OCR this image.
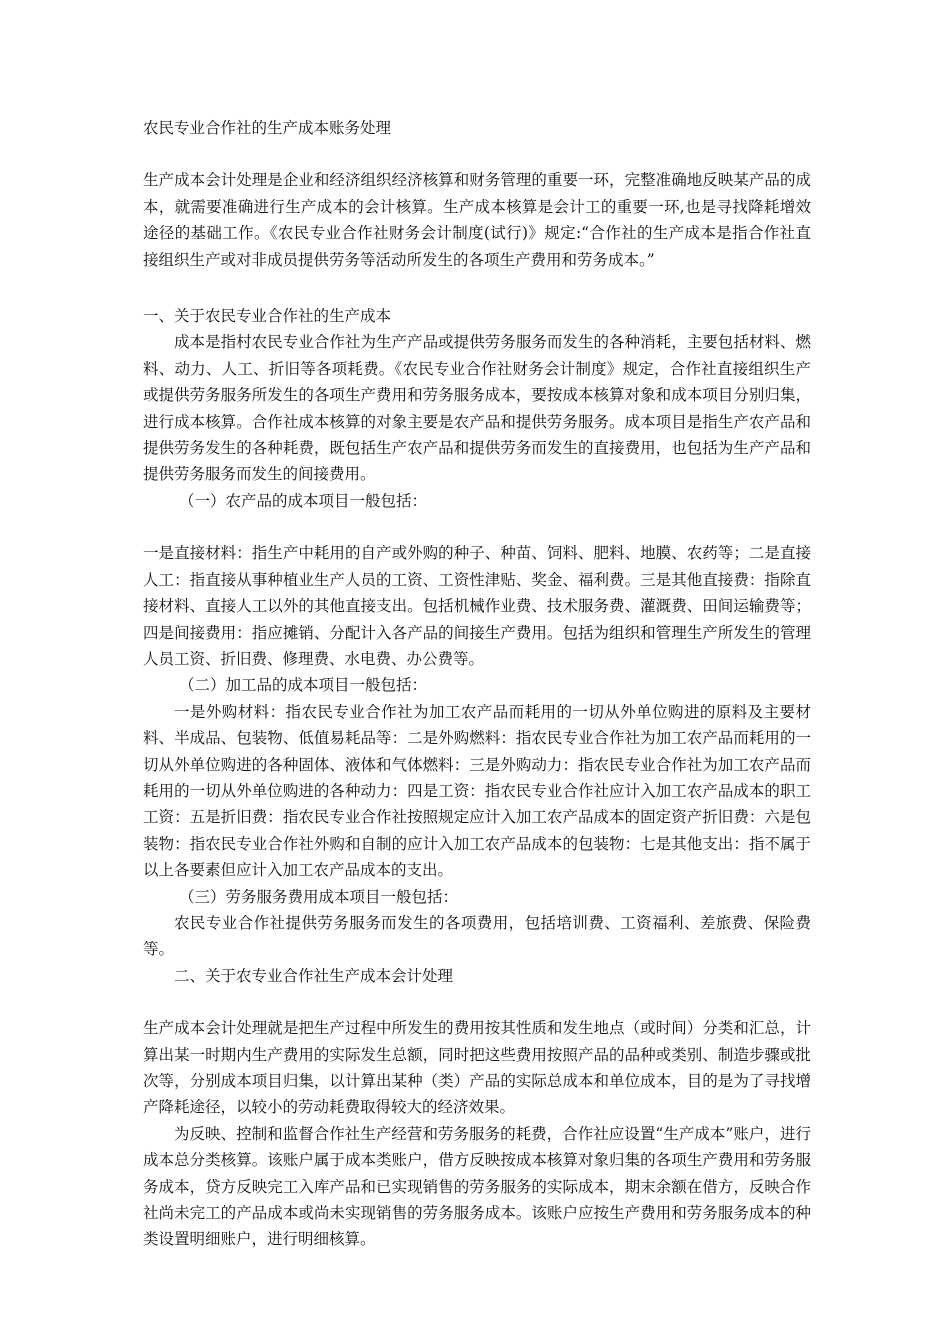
农民专业合作社的生产成本账务处理

生产成本会计处理是企业和经济组织经济核算和财务管理的重要一环，完整准确地反映某产品的成本，就需要准确进行生产成本的会计核算。生产成本核算是会计工的重要一环,也是寻找降耗增效途径的基础工作。《农民专业合作社财务会计制度(试行)》规定:“合作社的生产成本是指合作社直接组织生产或对非成员提供劳务等活动所发生的各项生产费用和劳务成本。”

一、关于农民专业合作社的生产成本

成本是指村农民专业合作社为生产产品或提供劳务服务而发生的各种消耗，主要包括材料、燃料、动力、人工、折旧等各项耗费。《农民专业合作社财务会计制度》规定，合作社直接组织生产或提供劳务服务所发生的各项生产费用和劳务服务成本，要按成本核算对象和成本项目分别归集，进行成本核算。合作社成本核算的对象主要是农产品和提供劳务服务。成本项目是指生产农产品和提供劳务发生的各种耗费，既包括生产农产品和提供劳务而发生的直接费用，也包括为生产产品和提供劳务服务而发生的间接费用。

（一）农产品的成本项目一般包括：

一是直接材料：指生产中耗用的自产或外购的种子、种苗、饲料、肥料、地膜、农药等；二是直接人工：指直接从事种植业生产人员的工资、工资性津贴、奖金、福利费。三是其他直接费：指除直接材料、直接人工以外的其他直接支出。包括机械作业费、技术服务费、灌溉费、田间运输费等；四是间接费用：指应摊销、分配计入各产品的间接生产费用。包括为组织和管理生产所发生的管理人员工资、折旧费、修理费、水电费、办公费等。

（二）加工品的成本项目一般包括：

一是外购材料：指农民专业合作社为加工农产品而耗用的一切从外单位购进的原料及主要材料、半成品、包装物、低值易耗品等：二是外购燃料：指农民专业合作社为加工农产品而耗用的一切从外单位购进的各种固体、液体和气体燃料：三是外购动力：指农民专业合作社为加工农产品而耗用的一切从外单位购进的各种动力：四是工资：指农民专业合作社应计入加工农产品成本的职工工资：五是折旧费：指农民专业合作社按照规定应计入加工农产品成本的固定资产折旧费：六是包装物：指农民专业合作社外购和自制的应计入加工农产品成本的包装物：七是其他支出：指不属于以上各要素但应计入加工农产品成本的支出。

（三）劳务服务费用成本项目一般包括：

农民专业合作社提供劳务服务而发生的各项费用，包括培训费、工资福利、差旅费、保险费等。

二、关于农专业合作社生产成本会计处理

生产成本会计处理就是把生产过程中所发生的费用按其性质和发生地点（或时间）分类和汇总，计算出某一时期内生产费用的实际发生总额，同时把这些费用按照产品的品种或类别、制造步骤或批次等，分别成本项目归集，以计算出某种（类）产品的实际总成本和单位成本，目的是为了寻找增产降耗途径，以较小的劳动耗费取得较大的经济效果。

为反映、控制和监督合作社生产经营和劳务服务的耗费，合作社应设置“生产成本”账户，进行成本总分类核算。该账户属于成本类账户，借方反映按成本核算对象归集的各项生产费用和劳务服务成本，贷方反映完工入库产品和已实现销售的劳务服务的实际成本，期末余额在借方，反映合作社尚未完工的产品成本或尚未实现销售的劳务服务成本。该账户应按生产费用和劳务服务成本的种类设置明细账户，进行明细核算。
